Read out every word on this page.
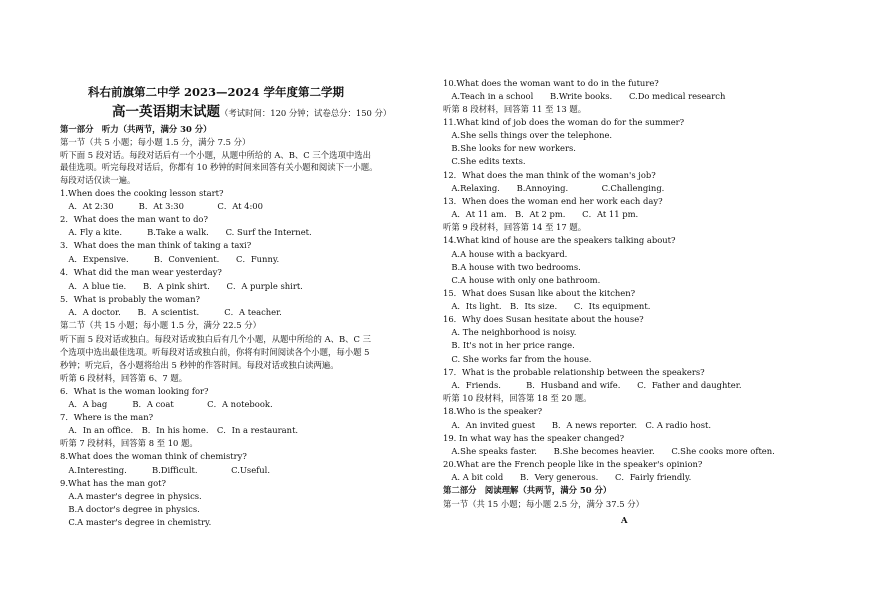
科右前旗第二中学 2023—2024 学年度第二学期
高一英语期末试题（考试时间：120 分钟；试卷总分：150 分）
第一部分　听力（共两节，满分 30 分）
第一节（共 5 小题；每小题 1.5 分，满分 7.5 分）
听下面 5 段对话。每段对话后有一个小题，从题中所给的 A、B、C 三个选项中选出
最佳选项。听完每段对话后，你都有 10 秒钟的时间来回答有关小题和阅读下一小题。
每段对话仅读一遍。
1.When does the cooking lesson start?
　A．At 2:30　　　B．At 3:30　　　　C．At 4:00
2．What does the man want to do?
　A. Fly a kite.　　　B.Take a walk.　　C. Surf the Internet.
3．What does the man think of taking a taxi?
　A．Expensive.　　　B．Convenient.　　C．Funny.
4．What did the man wear yesterday?
　A．A blue tie.　　B．A pink shirt.　　C．A purple shirt.
5．What is probably the woman?
　A．A doctor.　　B．A scientist.　　　C．A teacher.
第二节（共 15 小题；每小题 1.5 分，满分 22.5 分）
听下面 5 段对话或独白。每段对话或独白后有几个小题，从题中所给的 A、B、C 三
个选项中选出最佳选项。听每段对话或独白前，你将有时间阅读各个小题，每小题 5
秒钟；听完后，各小题将给出 5 秒钟的作答时间。每段对话或独白读两遍。
听第 6 段材料，回答第 6、7 题。
6．What is the woman looking for?
　A．A bag　　　B．A coat　　　　C．A notebook.
7．Where is the man?
　A．In an office.　B．In his home.　C．In a restaurant.
听第 7 段材料，回答第 8 至 10 题。
8.What does the woman think of chemistry?
　A.Interesting.　　　B.Difficult.　　　　C.Useful.
9.What has the man got?
　A.A master's degree in physics.
　B.A doctor's degree in physics.
　C.A master's degree in chemistry.
10.What does the woman want to do in the future?
　A.Teach in a school　　B.Write books.　　C.Do medical research
听第 8 段材料，回答第 11 至 13 题。
11.What kind of job does the woman do for the summer?
　A.She sells things over the telephone.
　B.She looks for new workers.
　C.She edits texts.
12．What does the man think of the woman's job?
　A.Relaxing.　　B.Annoying.　　　　C.Challenging.
13．When does the woman end her work each day?
　A．At 11 am.　B．At 2 pm.　　C．At 11 pm.
听第 9 段材料，回答第 14 至 17 题。
14.What kind of house are the speakers talking about?
　A.A house with a backyard.
　B.A house with two bedrooms.
　C.A house with only one bathroom.
15．What does Susan like about the kitchen?
　A．Its light.　B．Its size.　　C．Its equipment.
16．Why does Susan hesitate about the house?
　A. The neighborhood is noisy.
　B. It's not in her price range.
　C. She works far from the house.
17．What is the probable relationship between the speakers?
　A．Friends.　　　B．Husband and wife.　　C．Father and daughter.
听第 10 段材料，回答第 18 至 20 题。
18.Who is the speaker?
　A．An invited guest　　B．A news reporter.　C. A radio host.
19. In what way has the speaker changed?
　A.She speaks faster.　　B.She becomes heavier.　　C.She cooks more often.
20.What are the French people like in the speaker's opinion?
　A. A bit cold　　B．Very generous.　　C．Fairly friendly.
第二部分　阅读理解（共两节，满分 50 分）
第一节（共 15 小题；每小题 2.5 分，满分 37.5 分）
A
